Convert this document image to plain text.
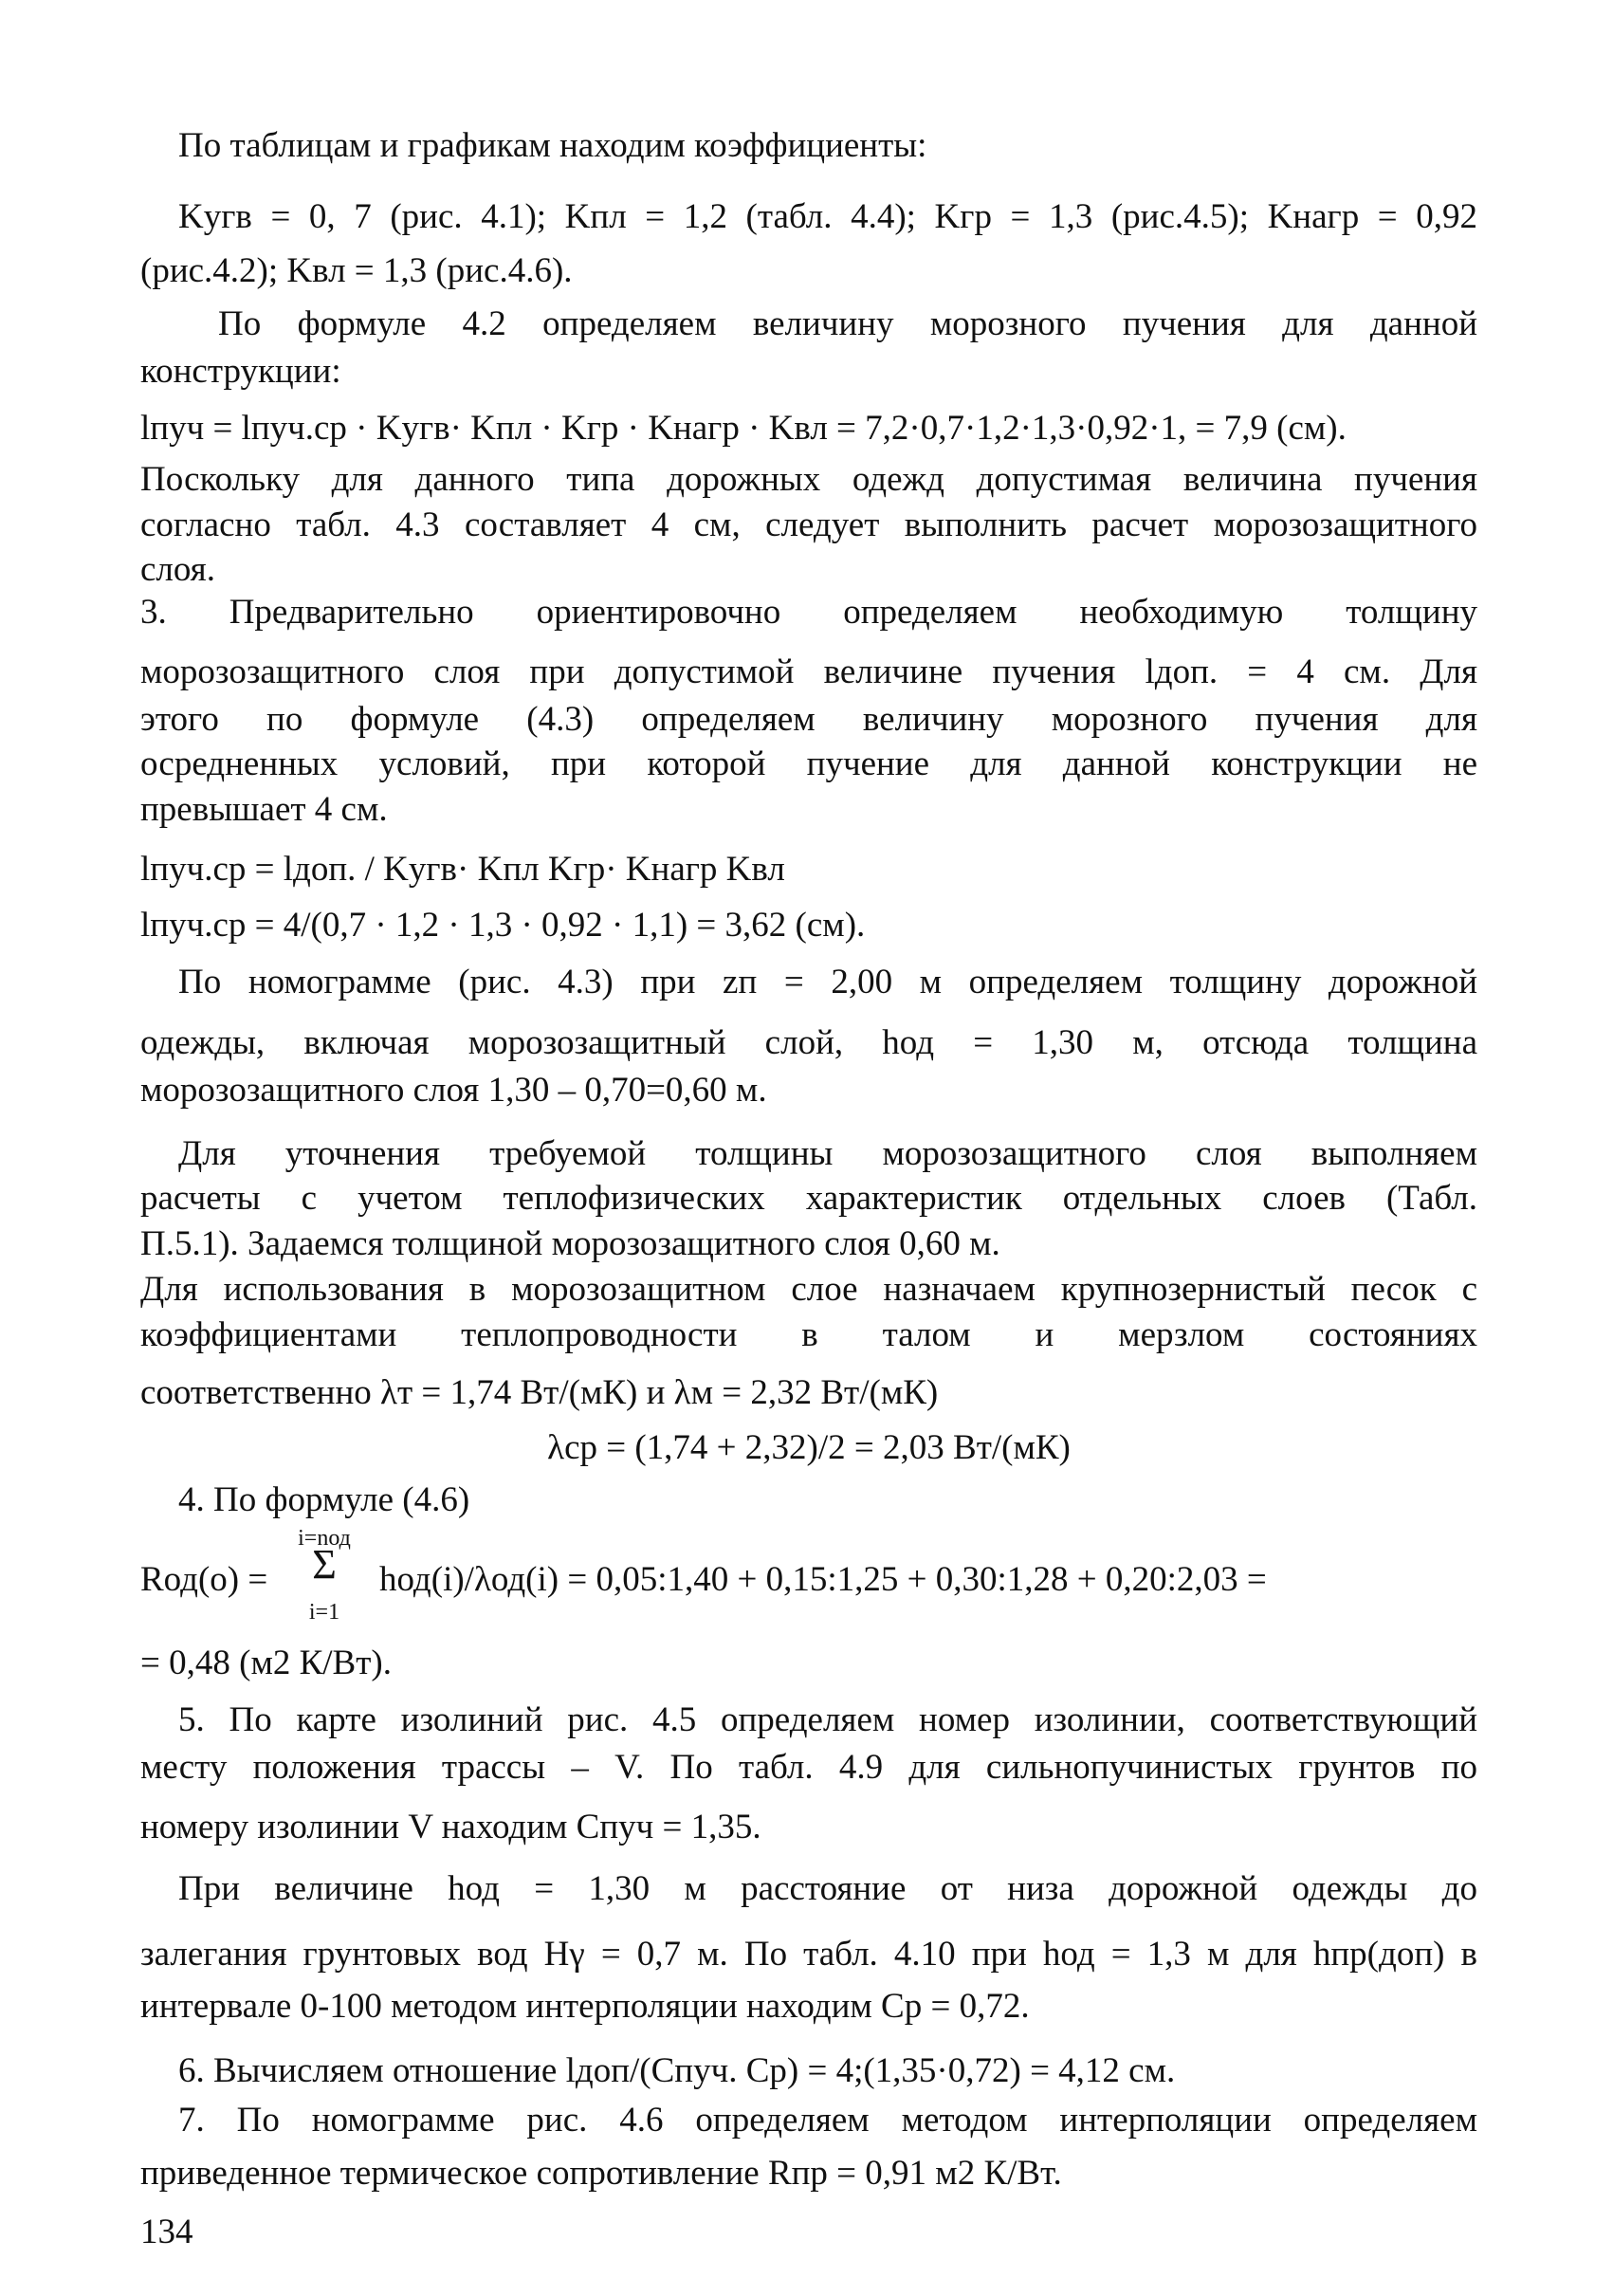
По таблицам и графикам находим коэффициенты:
Kугв = 0, 7 (рис. 4.1); Kпл = 1,2 (табл. 4.4); Kгр = 1,3 (рис.4.5); Kнагр = 0,92
(рис.4.2); Kвл = 1,3 (рис.4.6).
По формуле 4.2 определяем величину морозного пучения для данной
конструкции:
lпуч = lпуч.ср · Kугв· Kпл · Kгр · Kнагр · Kвл = 7,2·0,7·1,2·1,3·0,92·1, = 7,9 (см).
Поскольку для данного типа дорожных одежд допустимая величина пучения
согласно табл. 4.3 составляет 4 см, следует выполнить расчет морозозащитного
слоя.
3. Предварительно ориентировочно определяем необходимую толщину
морозозащитного слоя при допустимой величине пучения lдоп. = 4 см. Для
этого по формуле (4.3) определяем величину морозного пучения для
осредненных условий, при которой пучение для данной конструкции не
превышает 4 см.
lпуч.ср = lдоп. / Kугв· Kпл Kгр· Kнагр Kвл
lпуч.ср = 4/(0,7 · 1,2 · 1,3 · 0,92 · 1,1) = 3,62 (см).
По номограмме (рис. 4.3) при zп = 2,00 м определяем толщину дорожной
одежды, включая морозозащитный слой, hод = 1,30 м, отсюда толщина
морозозащитного слоя 1,30 – 0,70=0,60 м.
Для уточнения требуемой толщины морозозащитного слоя выполняем
расчеты с учетом теплофизических характеристик отдельных слоев (Табл.
П.5.1). Задаемся толщиной морозозащитного слоя 0,60 м.
Для использования в морозозащитном слое назначаем крупнозернистый песок с
коэффициентами теплопроводности в талом и мерзлом состояниях
соответственно λт = 1,74 Вт/(мК) и λм = 2,32 Вт/(мК)
λср = (1,74 + 2,32)/2 = 2,03 Вт/(мК)
4. По формуле (4.6)
i=nод
Σ
i=1
Rод(о) =	hод(i)/λод(i) = 0,05:1,40 + 0,15:1,25 + 0,30:1,28 + 0,20:2,03 =
= 0,48 (м2 К/Вт).
5. По карте изолиний рис. 4.5 определяем номер изолинии, соответствующий
месту положения трассы – V. По табл. 4.9 для сильнопучинистых грунтов по
номеру изолинии V находим Cпуч = 1,35.
При величине hод = 1,30 м расстояние от низа дорожной одежды до
залегания грунтовых вод Hγ = 0,7 м. По табл. 4.10 при hод = 1,3 м для hпр(доп) в
интервале 0-100 методом интерполяции находим Cр = 0,72.
6. Вычисляем отношение lдоп/(Cпуч. Cр) = 4;(1,35·0,72) = 4,12 см.
7. По номограмме рис. 4.6 определяем методом интерполяции определяем
приведенное термическое сопротивление Rпр = 0,91 м2 К/Вт.
134
